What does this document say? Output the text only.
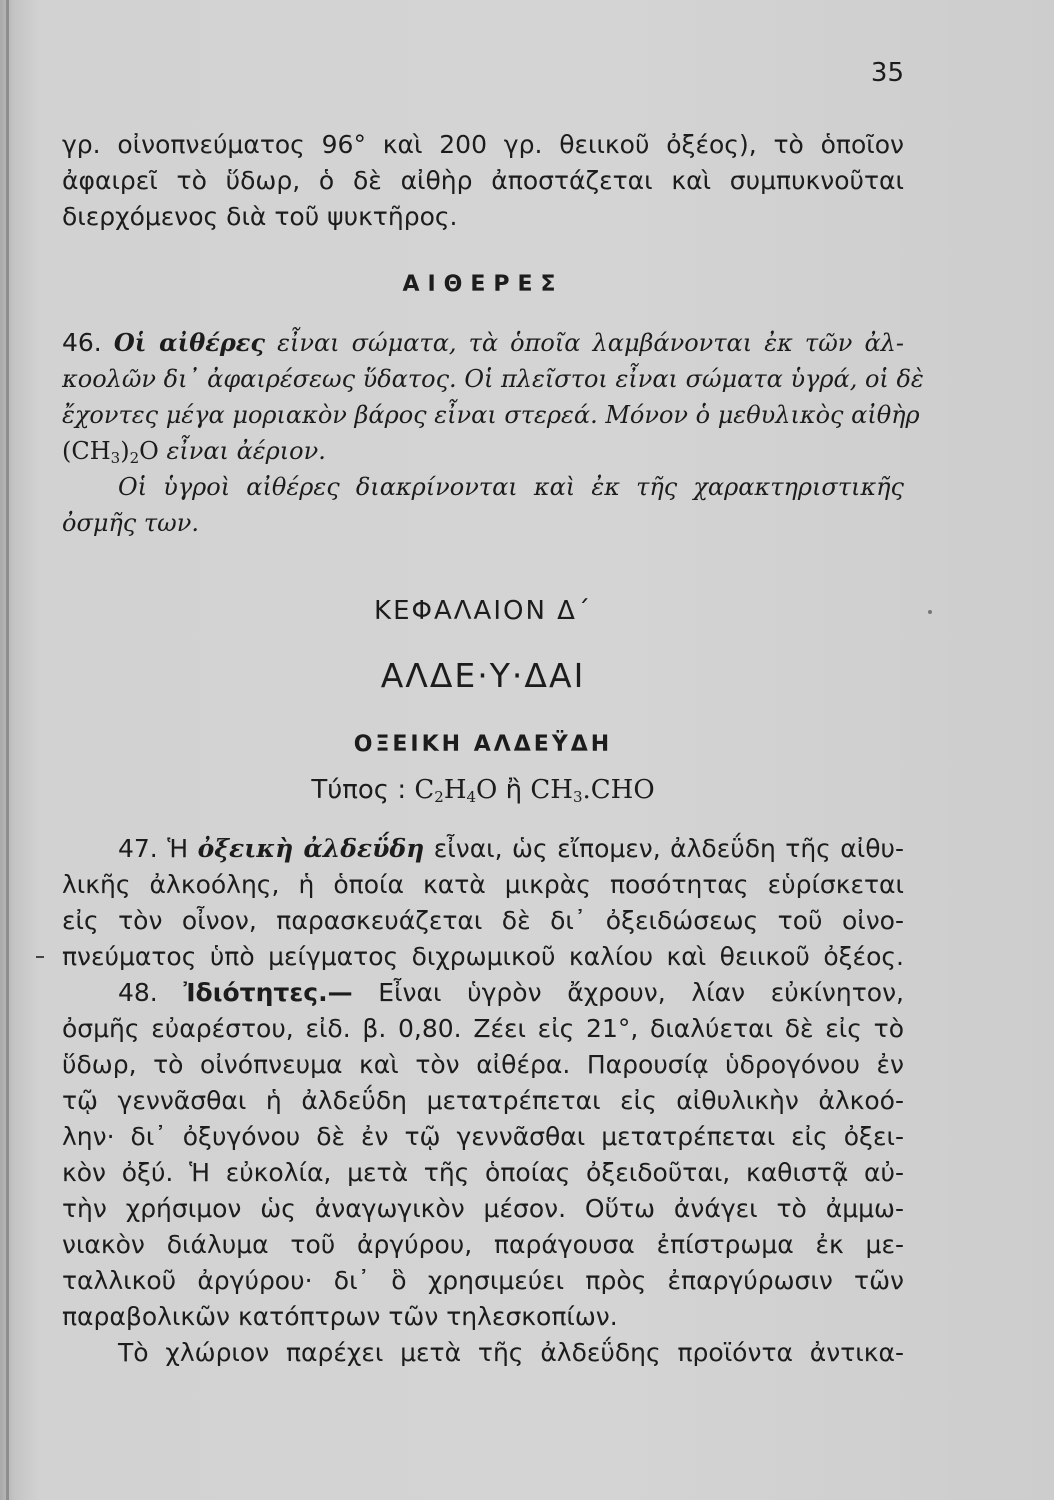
35
γρ. οἰνοπνεύματος 96° καὶ 200 γρ. θειικοῦ ὀξέος), τὸ ὁποῖον
ἀφαιρεῖ τὸ ὕδωρ, ὁ δὲ αἰθὴρ ἀποστάζεται καὶ συμπυκνοῦται
διερχόμενος διὰ τοῦ ψυκτῆρος.
ΑΙΘΕΡΕΣ
46. Οἱ αἰθέρες εἶναι σώματα, τὰ ὁποῖα λαμβάνονται ἐκ τῶν ἀλ-
κοολῶν δι᾿ ἀφαιρέσεως ὕδατος. Οἱ πλεῖστοι εἶναι σώματα ὑγρά, οἱ δὲ
ἔχοντες μέγα μοριακὸν βάρος εἶναι στερεά. Μόνον ὁ μεθυλικὸς αἰθὴρ
$(CH_3)_2O$ εἶναι ἀέριον.
Οἱ ὑγροὶ αἰθέρες διακρίνονται καὶ ἐκ τῆς χαρακτηριστικῆς
ὀσμῆς των.
ΚΕΦΑΛΑΙΟΝ Δ΄
ΑΛΔΕ·Υ·ΔΑΙ
ΟΞΕΙΚΗ ΑΛΔΕΫΔΗ
Τύπος : $C_2H_4O$ ἢ $CH_3.CHO$
47. Ἡ ὀξεικὴ ἀλδεΰδη εἶναι, ὡς εἴπομεν, ἀλδεΰδη τῆς αἰθυ-
λικῆς ἀλκοόλης, ἡ ὁποία κατὰ μικρὰς ποσότητας εὑρίσκεται
εἰς τὸν οἶνον, παρασκευάζεται δὲ δι᾿ ὀξειδώσεως τοῦ οἰνο-
πνεύματος ὑπὸ μείγματος διχρωμικοῦ καλίου καὶ θειικοῦ ὀξέος.
48. Ἰδιότητες.— Εἶναι ὑγρὸν ἄχρουν, λίαν εὐκίνητον,
ὀσμῆς εὐαρέστου, εἰδ. β. 0,80. Ζέει εἰς 21°, διαλύεται δὲ εἰς τὸ
ὕδωρ, τὸ οἰνόπνευμα καὶ τὸν αἰθέρα. Παρουσίᾳ ὑδρογόνου ἐν
τῷ γεννᾶσθαι ἡ ἀλδεΰδη μετατρέπεται εἰς αἰθυλικὴν ἀλκοό-
λην· δι᾿ ὀξυγόνου δὲ ἐν τῷ γεννᾶσθαι μετατρέπεται εἰς ὀξει-
κὸν ὀξύ. Ἡ εὐκολία, μετὰ τῆς ὁποίας ὀξειδοῦται, καθιστᾷ αὐ-
τὴν χρήσιμον ὡς ἀναγωγικὸν μέσον. Οὕτω ἀνάγει τὸ ἀμμω-
νιακὸν διάλυμα τοῦ ἀργύρου, παράγουσα ἐπίστρωμα ἐκ με-
ταλλικοῦ ἀργύρου· δι᾿ ὃ χρησιμεύει πρὸς ἐπαργύρωσιν τῶν
παραβολικῶν κατόπτρων τῶν τηλεσκοπίων.
Τὸ χλώριον παρέχει μετὰ τῆς ἀλδεΰδης προϊόντα ἀντικα-
